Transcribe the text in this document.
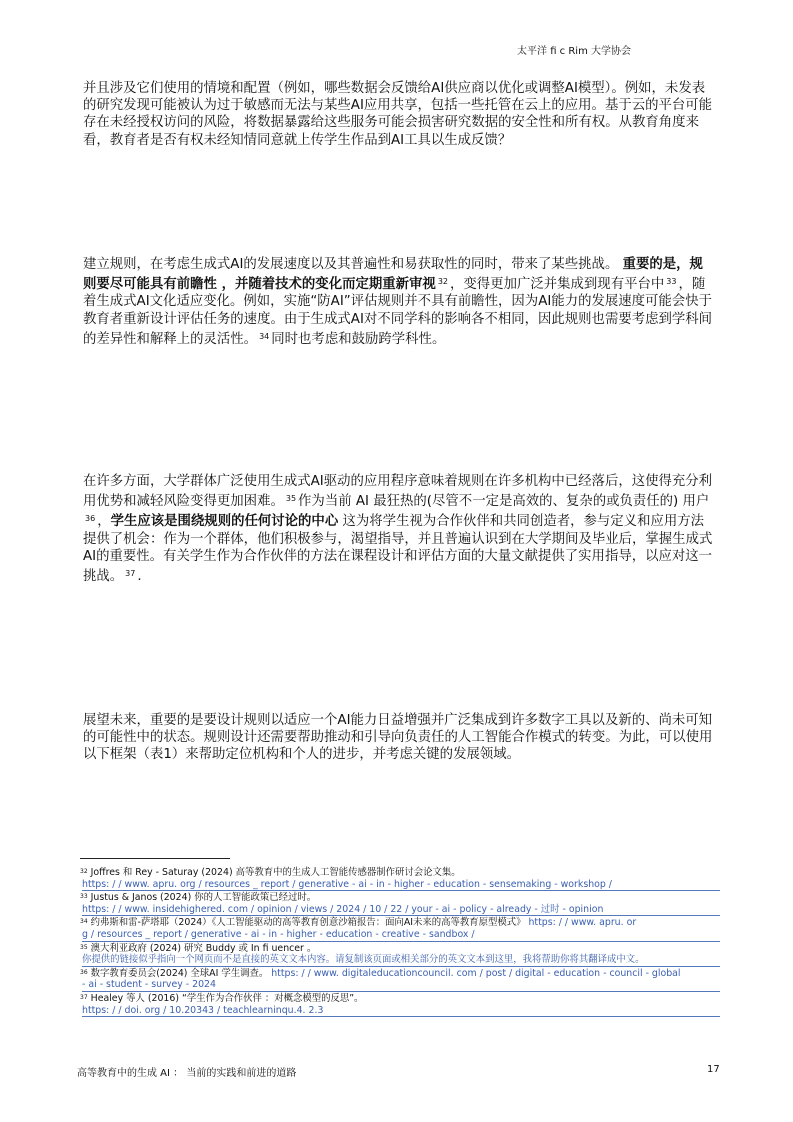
太平洋 fi c Rim 大学协会

并且涉及它们使用的情境和配置（例如，哪些数据会反馈给AI供应商以优化或调整AI模型）。例如，未发表的研究发现可能被认为过于敏感而无法与某些AI应用共享，包括一些托管在云上的应用。基于云的平台可能存在未经授权访问的风险，将数据暴露给这些服务可能会损害研究数据的安全性和所有权。从教育角度来看，教育者是否有权未经知情同意就上传学生作品到AI工具以生成反馈？

建立规则，在考虑生成式AI的发展速度以及其普遍性和易获取性的同时，带来了某些挑战。 重要的是，规则要尽可能具有前瞻性 ，并随着技术的变化而定期重新审视 $^{32}$ ，变得更加广泛并集成到现有平台中 $^{33}$ ，随着生成式AI文化适应变化。例如，实施“防AI”评估规则并不具有前瞻性，因为AI能力的发展速度可能会快于教育者重新设计评估任务的速度。由于生成式AI对不同学科的影响各不相同，因此规则也需要考虑到学科间的差异性和解释上的灵活性。 $^{34}$ 同时也考虑和鼓励跨学科性。

在许多方面，大学群体广泛使用生成式AI驱动的应用程序意味着规则在许多机构中已经落后，这使得充分利用优势和减轻风险变得更加困难。 $^{35}$ 作为当前 AI 最狂热的(尽管不一定是高效的、复杂的或负责任的) 用户$^{36}$ ，学生应该是围绕规则的任何讨论的中心 这为将学生视为合作伙伴和共同创造者，参与定义和应用方法提供了机会：作为一个群体，他们积极参与，渴望指导，并且普遍认识到在大学期间及毕业后，掌握生成式AI的重要性。有关学生作为合作伙伴的方法在课程设计和评估方面的大量文献提供了实用指导，以应对这一挑战。 $^{37}$ .

展望未来，重要的是要设计规则以适应一个AI能力日益增强并广泛集成到许多数字工具以及新的、尚未可知的可能性中的状态。规则设计还需要帮助推动和引导向负责任的人工智能合作模式的转变。为此，可以使用以下框架（表1）来帮助定位机构和个人的进步，并考虑关键的发展领域。

$^{32}$ Joffres 和 Rey - Saturay (2024) 高等教育中的生成人工智能传感器制作研讨会论文集。
https: / / www. apru. org / resources _ report / generative - ai - in - higher - education - sensemaking - workshop /

$^{33}$ Justus & Janos (2024) 你的人工智能政策已经过时。
https: / / www. insidehighered. com / opinion / views / 2024 / 10 / 22 / your - ai - policy - already - 过时 - opinion

$^{34}$ 约弗斯和雷-萨塔耶（2024）《人工智能驱动的高等教育创意沙箱报告：面向AI未来的高等教育原型模式》 https: / / www. apru. or
g / resources _ report / generative - ai - in - higher - education - creative - sandbox /

$^{35}$ 澳大利亚政府 (2024) 研究 Buddy 或 In fi uencer 。
你提供的链接似乎指向一个网页而不是直接的英文文本内容。请复制该页面或相关部分的英文文本到这里，我将帮助你将其翻译成中文。

$^{36}$ 数字教育委员会(2024) 全球AI 学生调查。 https: / / www. digitaleducationcouncil. com / post / digital - education - council - global
- ai - student - survey - 2024

$^{37}$ Healey 等人 (2016) “学生作为合作伙伴 ：对概念模型的反思”。
https: / / doi. org / 10.20343 / teachlearninqu.4. 2.3

高等教育中的生成 AI ： 当前的实践和前进的道路	17
